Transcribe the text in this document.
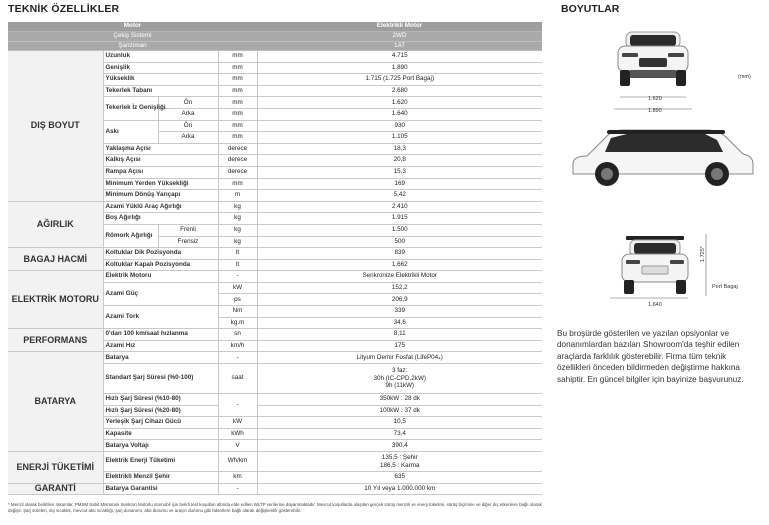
TEKNİK ÖZELLİKLER	BOYUTLAR
Motor				Elektrikli Motor
Çekiş Sistemi				2WD
Şanzıman				1AT
DIŞ BOYUT	Uzunluk		mm	4.715
	Genişlik		mm	1.890
	Yükseklik		mm	1.715 (1.725 Port Bagaj)
	Tekerlek Tabanı		mm	2.680
	Tekerlek İz Genişliği	Ön	mm	1.620
		Arka	mm	1.640
	Askı	Ön	mm	930
		Arka	mm	1.105
	Yaklaşma Açısı		derece	18,3
	Kalkış Açısı		derece	20,8
	Rampa Açısı		derece	15,3
	Minimum Yerden Yüksekliği		mm	169
	Minimum Dönüş Yarıçapı		m	5,42
AĞIRLIK	Azami Yüklü Araç Ağırlığı		kg	2.410
	Boş Ağırlığı		kg	1.915
	Römork Ağırlığı	Frenli	kg	1.500
		Frensiz	kg	500
BAGAJ HACMİ	Koltuklar Dik Pozisyonda		lt	839
	Koltuklar Kapalı Pozisyonda		lt	1.662
ELEKTRİK MOTORU	Elektrik Motoru		-	Senkronize Elektrikli Motor
	Azami Güç		kW	152,2
			ps	206,9
	Azami Tork		Nm	339
			kg.m	34,6
PERFORMANS	0'dan 100 km/saat hızlanma		sn	8,11
	Azami Hız		km/h	175
BATARYA	Batarya		-	Lityum Demir Fosfat (LifeP04₄)
	Standart Şarj Süresi (%0-100)		saat	3 faz:
30h (IC-CPD,2kW)
9h (11kW)

	Hızlı Şarj Süresi (%10-80)		-	350kW : 28 dk
	Hızlı Şarj Süresi (%20-80)			100kW : 37 dk
	Yerleşik Şarj Cihazı Gücü		kW	10,5
	Kapasite		kWh	73,4
	Batarya Voltajı		V	390,4
ENERJİ TÜKETİMİ	Elektrik Enerji Tüketimi		Wh/km	135,5 : Şehir
186,5 : Karma

	Elektrikli Menzil Şehir		km	635
GARANTİ	Batarya Garantisi		-	10 Yıl veya 1.000.000 km
* Menzil olarak belirtilen rakamlar, PMSM Sabit Mıknatıslı Senkron Motorlu otomobil için belirli test koşulları altında elde edilen WLTP verilerine dayanmaktadır. Mevcut koşullarda ulaşılan gerçek sürüş menzili ve enerji tüketimi, sürüş biçimine ve diğer dış etkenlere bağlı olarak değişir. Şarj süreleri, dış sıcaklık, mevcut akü sıcaklığı, şarj donanımı, akü durumu ve araçın durumu gibi faktörlere bağlı olarak değişkenlik gösterebilir.
(mm)
1.620
1.890
1.725*
Port Bagaj
1.640
Bu broşürde gösterilen ve yazılan opsiyonlar ve
donanımlardan bazıları Showroom'da teşhir edilen
araçlarda farklılık gösterebilir. Firma tüm teknik
özellikleri önceden bildirmeden değiştirme hakkına
sahiptir. En güncel bilgiler için bayinize başvurunuz.
